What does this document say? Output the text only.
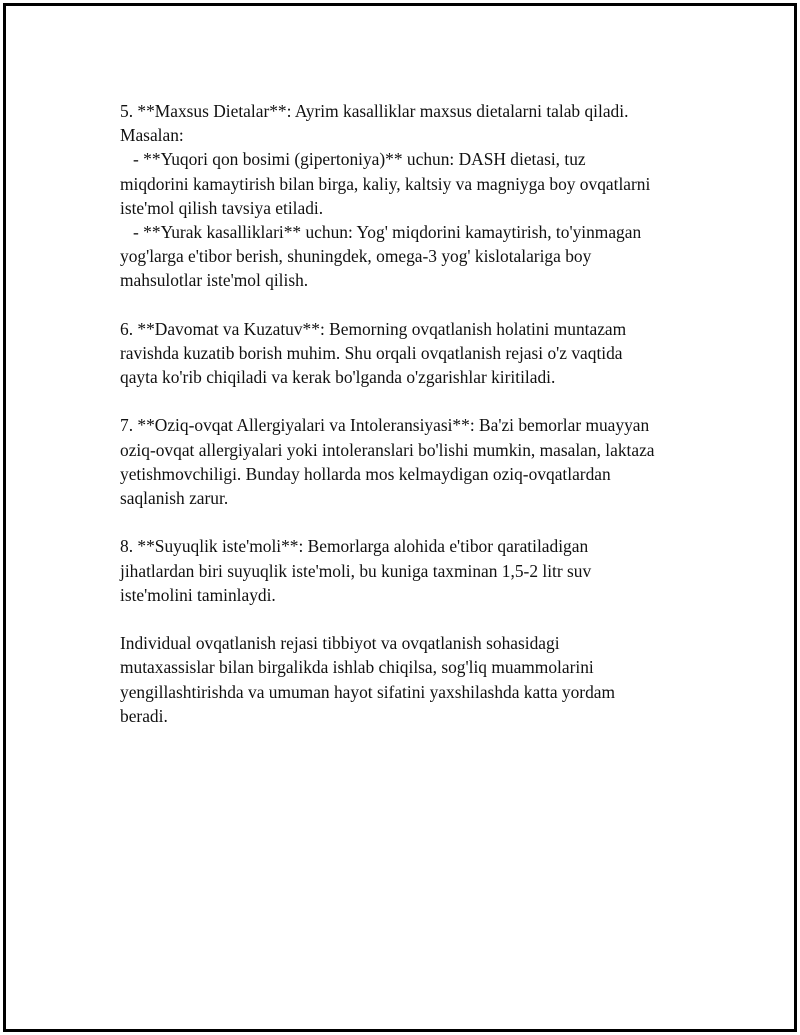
5. **Maxsus Dietalar**: Ayrim kasalliklar maxsus dietalarni talab qiladi.
Masalan:
- **Yuqori qon bosimi (gipertoniya)** uchun: DASH dietasi, tuz
miqdorini kamaytirish bilan birga, kaliy, kaltsiy va magniyga boy ovqatlarni
iste'mol qilish tavsiya etiladi.
- **Yurak kasalliklari** uchun: Yog' miqdorini kamaytirish, to'yinmagan
yog'larga e'tibor berish, shuningdek, omega-3 yog' kislotalariga boy
mahsulotlar iste'mol qilish.
6. **Davomat va Kuzatuv**: Bemorning ovqatlanish holatini muntazam
ravishda kuzatib borish muhim. Shu orqali ovqatlanish rejasi o'z vaqtida
qayta ko'rib chiqiladi va kerak bo'lganda o'zgarishlar kiritiladi.
7. **Oziq-ovqat Allergiyalari va Intoleransiyasi**: Ba'zi bemorlar muayyan
oziq-ovqat allergiyalari yoki intoleranslari bo'lishi mumkin, masalan, laktaza
yetishmovchiligi. Bunday hollarda mos kelmaydigan oziq-ovqatlardan
saqlanish zarur.
8. **Suyuqlik iste'moli**: Bemorlarga alohida e'tibor qaratiladigan
jihatlardan biri suyuqlik iste'moli, bu kuniga taxminan 1,5-2 litr suv
iste'molini taminlaydi.
Individual ovqatlanish rejasi tibbiyot va ovqatlanish sohasidagi
mutaxassislar bilan birgalikda ishlab chiqilsa, sog'liq muammolarini
yengillashtirishda va umuman hayot sifatini yaxshilashda katta yordam
beradi.
